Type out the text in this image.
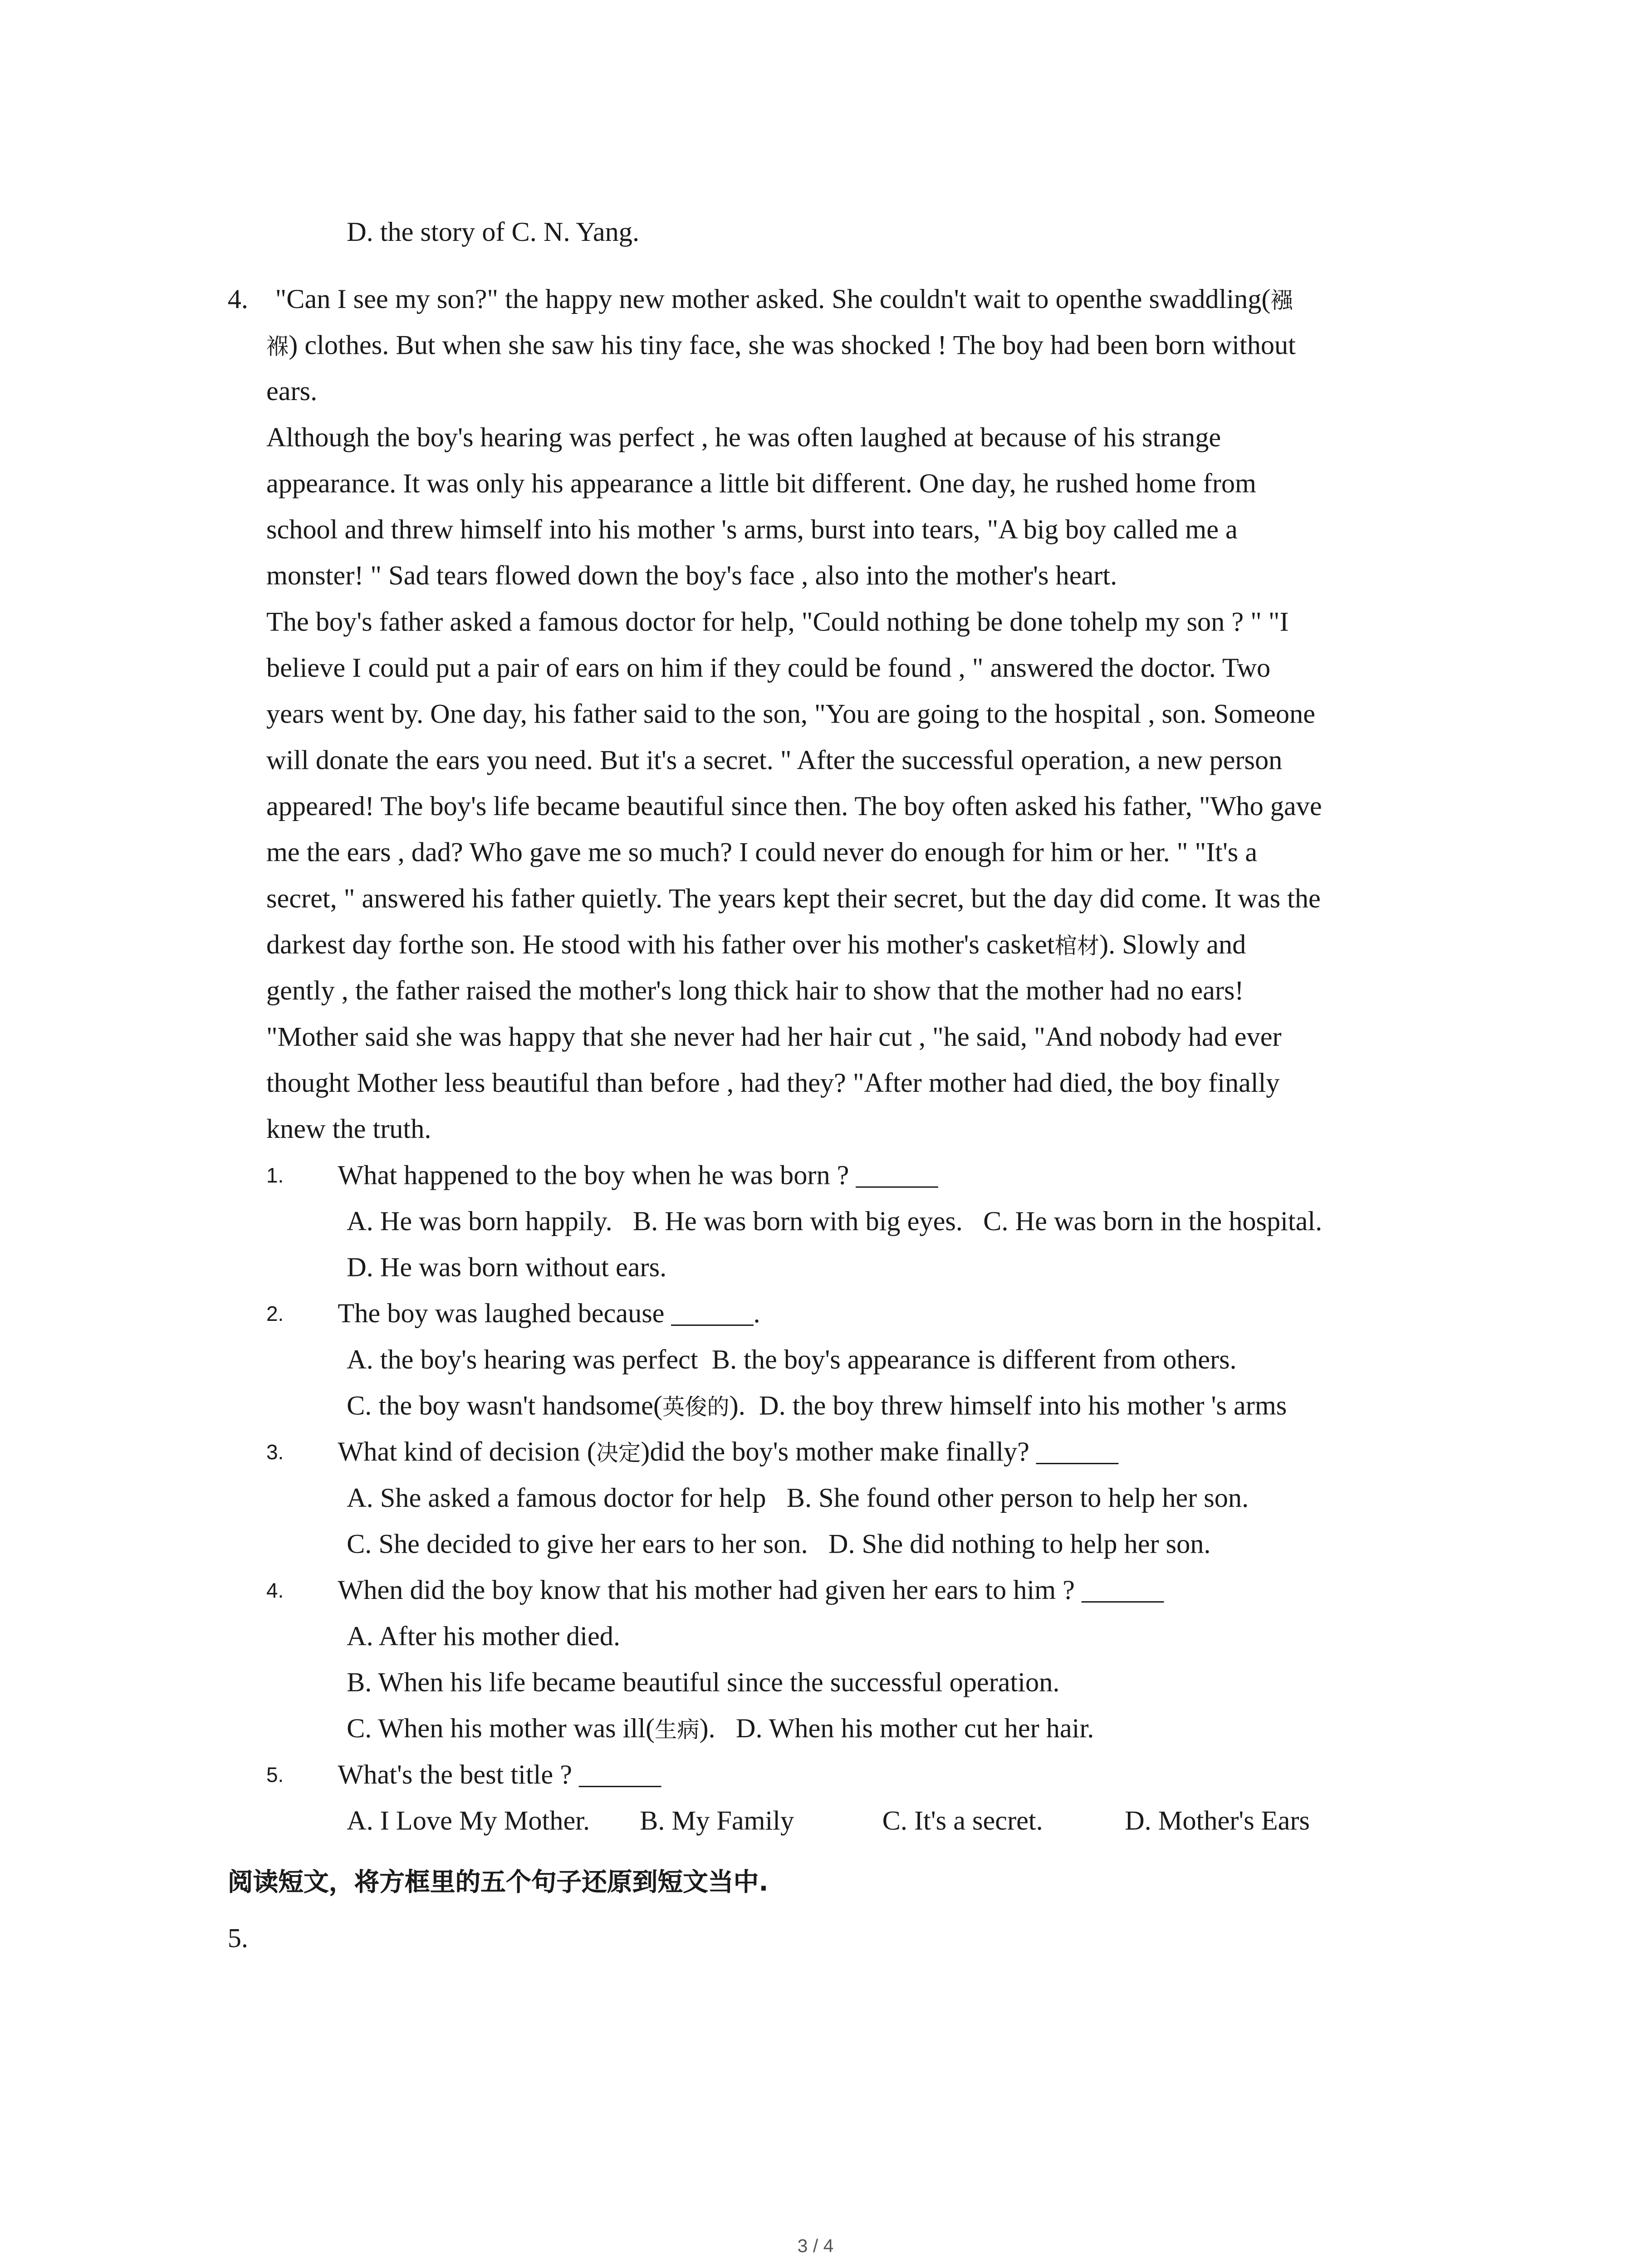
D. the story of C. N. Yang.
4.	"Can I see my son?" the happy new mother asked. She couldn't wait to openthe swaddling(襁
褓) clothes. But when she saw his tiny face, she was shocked ! The boy had been born without
ears.
Although the boy's hearing was perfect , he was often laughed at because of his strange
appearance. It was only his appearance a little bit different. One day, he rushed home from
school and threw himself into his mother 's arms, burst into tears, "A big boy called me a
monster! " Sad tears flowed down the boy's face , also into the mother's heart.
The boy's father asked a famous doctor for help, "Could nothing be done tohelp my son ? " "I
believe I could put a pair of ears on him if they could be found , " answered the doctor. Two
years went by. One day, his father said to the son, "You are going to the hospital , son. Someone
will donate the ears you need. But it's a secret. " After the successful operation, a new person
appeared! The boy's life became beautiful since then. The boy often asked his father, "Who gave
me the ears , dad? Who gave me so much? I could never do enough for him or her. " "It's a
secret, " answered his father quietly. The years kept their secret, but the day did come. It was the
darkest day forthe son. He stood with his father over his mother's casket棺材). Slowly and
gently , the father raised the mother's long thick hair to show that the mother had no ears!
"Mother said she was happy that she never had her hair cut , "he said, "And nobody had ever
thought Mother less beautiful than before , had they? "After mother had died, the boy finally
knew the truth.
1.	What happened to the boy when he was born ? ______
A. He was born happily. B. He was born with big eyes. C. He was born in the hospital.
D. He was born without ears.
2.	The boy was laughed because ______.
A. the boy's hearing was perfect B. the boy's appearance is different from others.
C. the boy wasn't handsome(英俊的). D. the boy threw himself into his mother 's arms
3.	What kind of decision (决定)did the boy's mother make finally? ______
A. She asked a famous doctor for help B. She found other person to help her son.
C. She decided to give her ears to her son. D. She did nothing to help her son.
4.	When did the boy know that his mother had given her ears to him ? ______
A. After his mother died.
B. When his life became beautiful since the successful operation.
C. When his mother was ill(生病). D. When his mother cut her hair.
5.	What's the best title ? ______
A. I Love My Mother.	B. My Family	C. It's a secret.	D. Mother's Ears
阅读短文，将方框里的五个句子还原到短文当中.
5.
3 / 4
